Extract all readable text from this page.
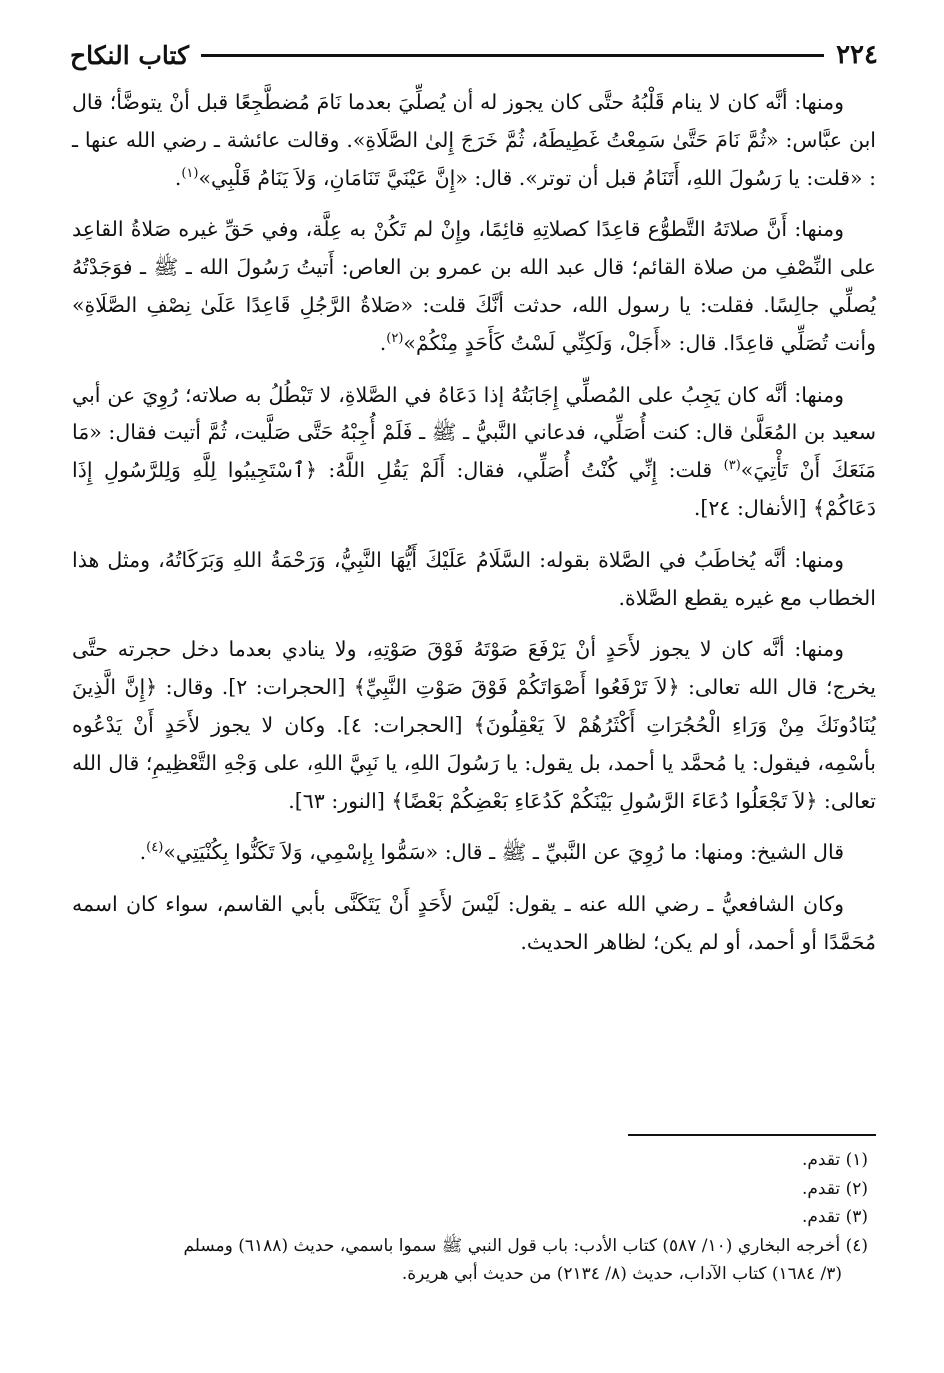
٢٢٤
كتاب النكاح

ومنها: أنَّه كان لا ينام قَلْبُهُ حتَّى كان يجوز له أن يُصلِّيَ بعدما نَامَ مُضطَّجِعًا قبل أنْ يتوضَّأ؛ قال ابن عبَّاس: «ثُمَّ نَامَ حَتَّىٰ سَمِعْتُ غَطِيطَهُ، ثُمَّ خَرَجَ إِلىٰ الصَّلَاةِ». وقالت عائشة ـ رضي الله عنها ـ : «قلت: يا رَسُولَ اللهِ، أَتَنَامُ قبل أن توتر». قال: «إِنَّ عَيْنَيَّ تَنَامَانِ، وَلاَ يَنَامُ قَلْبِي»$^{(١)}$.

ومنها: أَنَّ صلاتَهُ التَّطوُّع قاعِدًا كصلاتِهِ قائِمًا، وإِنْ لم تَكُنْ به عِلَّة، وفي حَقِّ غيره صَلاةُ القاعِد على النِّصْفِ من صلاة القائم؛ قال عبد الله بن عمرو بن العاص: أَتيتُ رَسُولَ الله ـ ﷺ ـ فوَجَدْتُهُ يُصلِّي جالِسًا. فقلت: يا رسول الله، حدثت أنَّكَ قلت: «صَلاةُ الرَّجُلِ قَاعِدًا عَلَىٰ نِصْفِ الصَّلَاةِ» وأنت تُصَلِّي قاعِدًا. قال: «أَجَلْ، وَلَكِنِّي لَسْتُ كَأَحَدٍ مِنْكُمْ»$^{(٢)}$.

ومنها: أنَّه كان يَجِبُ على المُصلِّي إِجَابَتُهُ إذا دَعَاهُ في الصَّلاةِ، لا تَبْطُلُ به صلاته؛ رُوِيَ عن أبي سعيد بن المُعَلَّىٰ قال: كنت أُصَلِّي، فدعاني النَّبيُّ ـ ﷺ ـ فَلَمْ أُجِبْهُ حَتَّى صَلَّيت، ثُمَّ أتيت فقال: «مَا مَنَعَكَ أَنْ تَأْتِيَ»$^{(٣)}$ قلت: إِنِّي كُنْتُ أُصَلِّي، فقال: أَلَمْ يَقُلِ اللَّهُ: ﴿ٱسْتَجِيبُوا لِلَّهِ وَلِلرَّسُولِ إِذَا دَعَاكُمْ﴾ [الأنفال: ٢٤].

ومنها: أنَّه يُخاطَبُ في الصَّلاة بقوله: السَّلَامُ عَلَيْكَ أَيُّهَا النَّبِيُّ، وَرَحْمَةُ اللهِ وَبَرَكَاتُهُ، ومثل هذا الخطاب مع غيره يقطع الصَّلاة.

ومنها: أنَّه كان لا يجوز لأَحَدٍ أنْ يَرْفَعَ صَوْتَهُ فَوْقَ صَوْتِهِ، ولا ينادي بعدما دخل حجرته حتَّى يخرج؛ قال الله تعالى: ﴿لاَ تَرْفَعُوا أَصْوَاتَكُمْ فَوْقَ صَوْتِ النَّبِيِّ﴾ [الحجرات: ٢]. وقال: ﴿إِنَّ الَّذِينَ يُنَادُونَكَ مِنْ وَرَاءِ الْحُجُرَاتِ أَكْثَرُهُمْ لاَ يَعْقِلُونَ﴾ [الحجرات: ٤]. وكان لا يجوز لأَحَدٍ أَنْ يَدْعُوه بأسْمِه، فيقول: يا مُحمَّد يا أحمد، بل يقول: يا رَسُولَ اللهِ، يا نَبِيَّ اللهِ، على وَجْهِ التَّعْظِيمِ؛ قال الله تعالى: ﴿لاَ تَجْعَلُوا دُعَاءَ الرَّسُولِ بَيْنَكُمْ كَدُعَاءِ بَعْضِكُمْ بَعْضًا﴾ [النور: ٦٣].

قال الشيخ: ومنها: ما رُوِيَ عن النَّبيِّ ـ ﷺ ـ قال: «سَمُّوا بِإسْمِي، وَلاَ تَكَنُّوا بِكُنْيَتِي»$^{(٤)}$.

وكان الشافعيُّ ـ رضي الله عنه ـ يقول: لَيْسَ لأَحَدٍ أَنْ يَتَكَنَّى بأبي القاسم، سواء كان اسمه مُحَمَّدًا أو أحمد، أو لم يكن؛ لظاهر الحديث.

(١) تقدم.

(٢) تقدم.

(٣) تقدم.

(٤) أخرجه البخاري (١٠/ ٥٨٧) كتاب الأدب: باب قول النبي ﷺ سموا باسمي، حديث (٦١٨٨) ومسلم

(٣/ ١٦٨٤) كتاب الآداب، حديث (٨/ ٢١٣٤) من حديث أبي هريرة.
